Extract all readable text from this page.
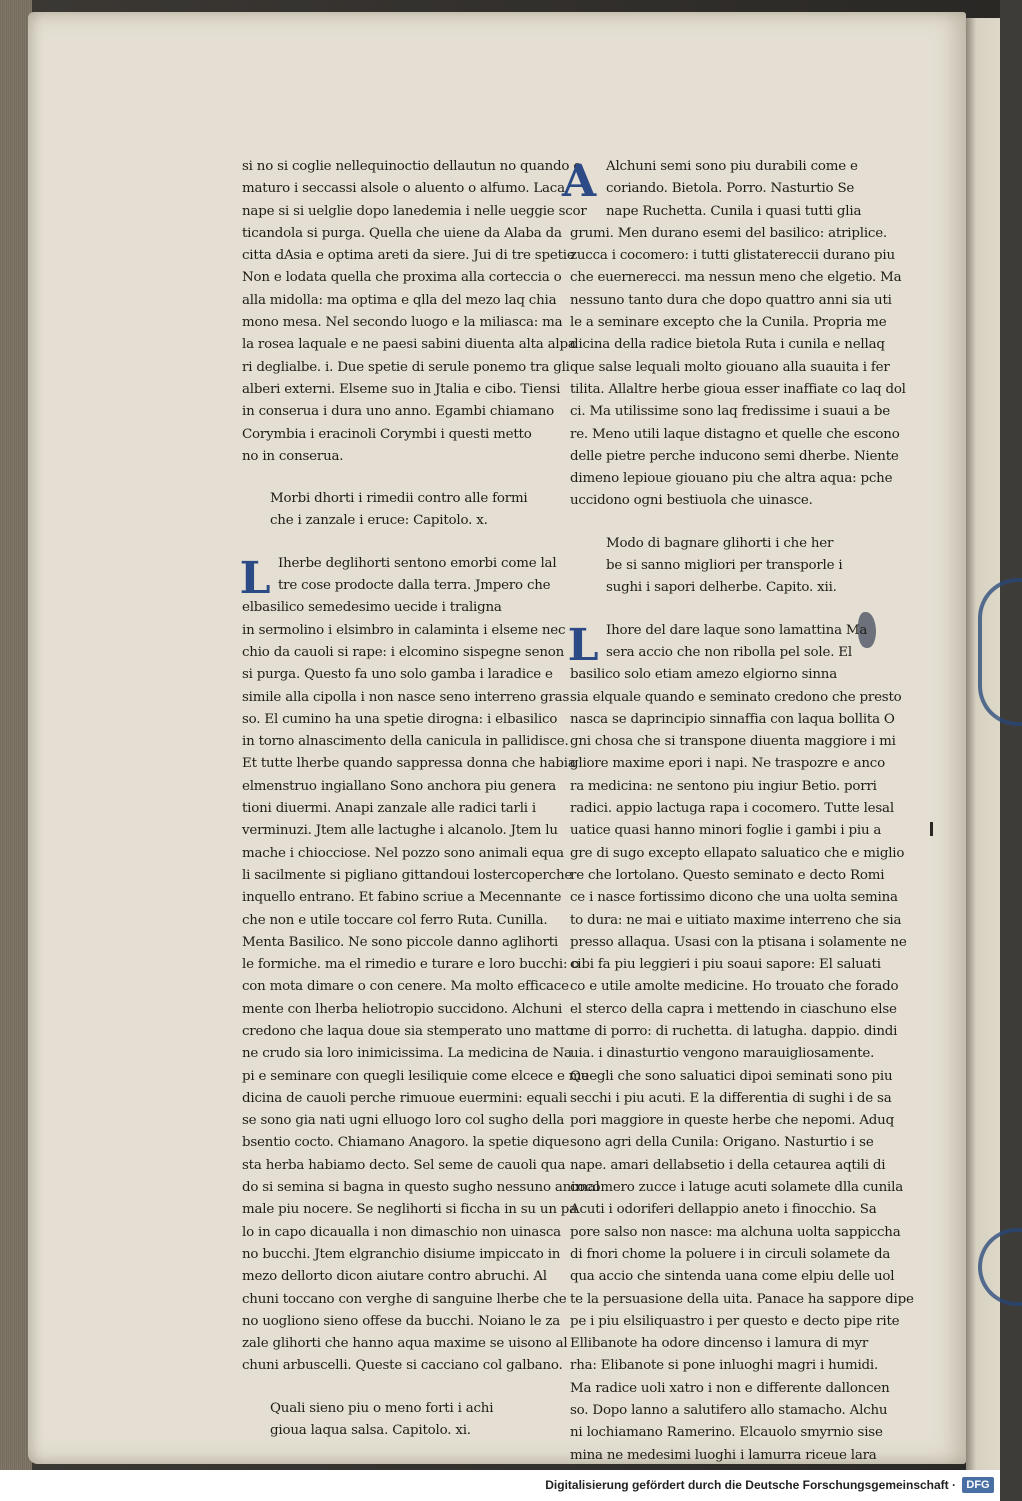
si no si coglie nellequinoctio dellautun no quando e
maturo i seccassi alsole o aluento o alfumo. Laca
nape si si uelglie dopo lanedemia i nelle ueggie scor
ticandola si purga. Quella che uiene da Alaba da
citta dAsia e optima areti da siere. Jui di tre spetie
Non e lodata quella che proxima alla corteccia o
alla midolla: ma optima e qlla del mezo laq chia
mono mesa. Nel secondo luogo e la miliasca: ma
la rosea laquale e ne paesi sabini diuenta alta alpa
ri deglialbe. i. Due spetie di serule ponemo tra gli
alberi externi. Elseme suo in Jtalia e cibo. Tiensi
in conserua i dura uno anno. Egambi chiamano
Corymbia i eracinoli Corymbi i questi metto
no in conserua.
Morbi dhorti i rimedii contro alle formi
che i zanzale i eruce: Capitolo. x.
L Iherbe deglihorti sentono emorbi come lal
tre cose prodocte dalla terra. Jmpero che
elbasilico semedesimo uecide i traligna
in sermolino i elsimbro in calaminta i elseme nec
chio da cauoli si rape: i elcomino sispegne senon
si purga. Questo fa uno solo gamba i laradice e
simile alla cipolla i non nasce seno interreno gras
so. El cumino ha una spetie dirogna: i elbasilico
in torno alnascimento della canicula in pallidisce.
Et tutte lherbe quando sappressa donna che habia
elmenstruo ingiallano Sono anchora piu genera
tioni diuermi. Anapi zanzale alle radici tarli i
verminuzi. Jtem alle lactughe i alcanolo. Jtem lu
mache i chiocciose. Nel pozzo sono animali equa
li sacilmente si pigliano gittandoui lostercoperche
inquello entrano. Et fabino scriue a Mecennante
che non e utile toccare col ferro Ruta. Cunilla.
Menta Basilico. Ne sono piccole danno aglihorti
le formiche. ma el rimedio e turare e loro bucchi: o
con mota dimare o con cenere. Ma molto efficace
mente con lherba heliotropio succidono. Alchuni
credono che laqua doue sia stemperato uno matto
ne crudo sia loro inimicissima. La medicina de Na
pi e seminare con quegli lesiliquie come elcece e me
dicina de cauoli perche rimuoue euermini: equali
se sono gia nati ugni elluogo loro col sugho della
bsentio cocto. Chiamano Anagoro. la spetie dique
sta herba habiamo decto. Sel seme de cauoli qua
do si semina si bagna in questo sugho nessuno animal
male piu nocere. Se neglihorti si ficcha in su un pa
lo in capo dicaualla i non dimaschio non uinasca
no bucchi. Jtem elgranchio disiume impiccato in
mezo dellorto dicon aiutare contro abruchi. Al
chuni toccano con verghe di sanguine lherbe che
no uogliono sieno offese da bucchi. Noiano le za
zale glihorti che hanno aqua maxime se uisono al
chuni arbuscelli. Queste si cacciano col galbano.
Quali sieno piu o meno forti i achi
gioua laqua salsa. Capitolo. xi.
A Alchuni semi sono piu durabili come e
coriando. Bietola. Porro. Nasturtio Se
nape Ruchetta. Cunila i quasi tutti glia
grumi. Men durano esemi del basilico: atriplice.
zucca i cocomero: i tutti glistatereccii durano piu
che euernerecci. ma nessun meno che elgetio. Ma
nessuno tanto dura che dopo quattro anni sia uti
le a seminare excepto che la Cunila. Propria me
dicina della radice bietola Ruta i cunila e nellaq
que salse lequali molto giouano alla suauita i fer
tilita. Allaltre herbe gioua esser inaffiate co laq dol
ci. Ma utilissime sono laq fredissime i suaui a be
re. Meno utili laque distagno et quelle che escono
delle pietre perche inducono semi dherbe. Niente
dimeno lepioue giouano piu che altra aqua: pche
uccidono ogni bestiuola che uinasce.
Modo di bagnare glihorti i che her
be si sanno migliori per transporle i
sughi i sapori delherbe. Capito. xii.
L Ihore del dare laque sono lamattina Ma
sera accio che non ribolla pel sole. El
basilico solo etiam amezo elgiorno sinna
sia elquale quando e seminato credono che presto
nasca se daprincipio sinnaffia con laqua bollita O
gni chosa che si transpone diuenta maggiore i mi
gliore maxime epori i napi. Ne traspozre e anco
ra medicina: ne sentono piu ingiur Betio. porri
radici. appio lactuga rapa i cocomero. Tutte lesal
uatice quasi hanno minori foglie i gambi i piu a
gre di sugo excepto ellapato saluatico che e miglio
re che lortolano. Questo seminato e decto Romi
ce i nasce fortissimo dicono che una uolta semina
to dura: ne mai e uitiato maxime interreno che sia
presso allaqua. Usasi con la ptisana i solamente ne
cibi fa piu leggieri i piu soaui sapore: El saluati
co e utile amolte medicine. Ho trouato che forado
el sterco della capra i mettendo in ciaschuno else
me di porro: di ruchetta. di latugha. dappio. dindi
uia. i dinasturtio vengono marauigliosamente.
Quegli che sono saluatici dipoi seminati sono piu
secchi i piu acuti. E la differentia di sughi i de sa
pori maggiore in queste herbe che nepomi. Aduq
sono agri della Cunila: Origano. Nasturtio i se
nape. amari dellabsetio i della cetaurea aqtili di
cocomero zucce i latuge acuti solamete dlla cunila
Acuti i odoriferi dellappio aneto i finocchio. Sa
pore salso non nasce: ma alchuna uolta sappiccha
di fnori chome la poluere i in circuli solamete da
qua accio che sintenda uana come elpiu delle uol
te la persuasione della uita. Panace ha sappore dipe
pe i piu elsiliquastro i per questo e decto pipe rite
Ellibanote ha odore dincenso i lamura di myr
rha: Elibanote si pone inluoghi magri i humidi.
Ma radice uoli xatro i non e differente dalloncen
so. Dopo lanno a salutifero allo stamacho. Alchu
ni lochiamano Ramerino. Elcauolo smyrnio sise
mina ne medesimi luoghi i lamurra riceue lara
Digitalisierung gefördert durch die Deutsche Forschungsgemeinschaft · DFG
